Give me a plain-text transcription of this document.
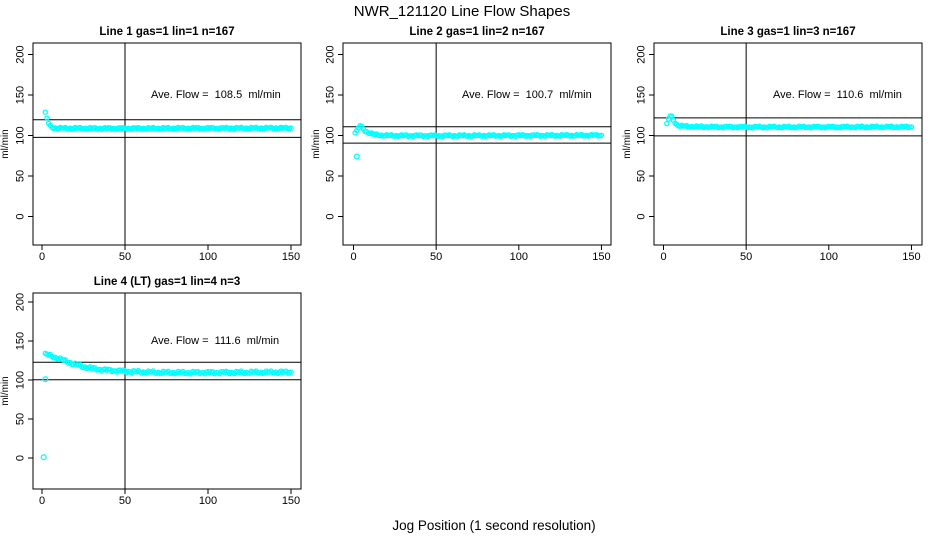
NWR_121120 Line Flow Shapes
0	50	100	150
0
50
100
150
200
Line 1 gas=1 lin=1 n=167
Ave. Flow =  108.5  ml/min
ml/min
0	50	100	150
0
50
100
150
200
Line 2 gas=1 lin=2 n=167
Ave. Flow =  100.7  ml/min
ml/min
0	50	100	150
0
50
100
150
200
Line 3 gas=1 lin=3 n=167
Ave. Flow =  110.6  ml/min
ml/min
0	50	100	150
0
50
100
150
200
Line 4 (LT) gas=1 lin=4 n=3
Ave. Flow =  111.6  ml/min
ml/min
Jog Position (1 second resolution)
